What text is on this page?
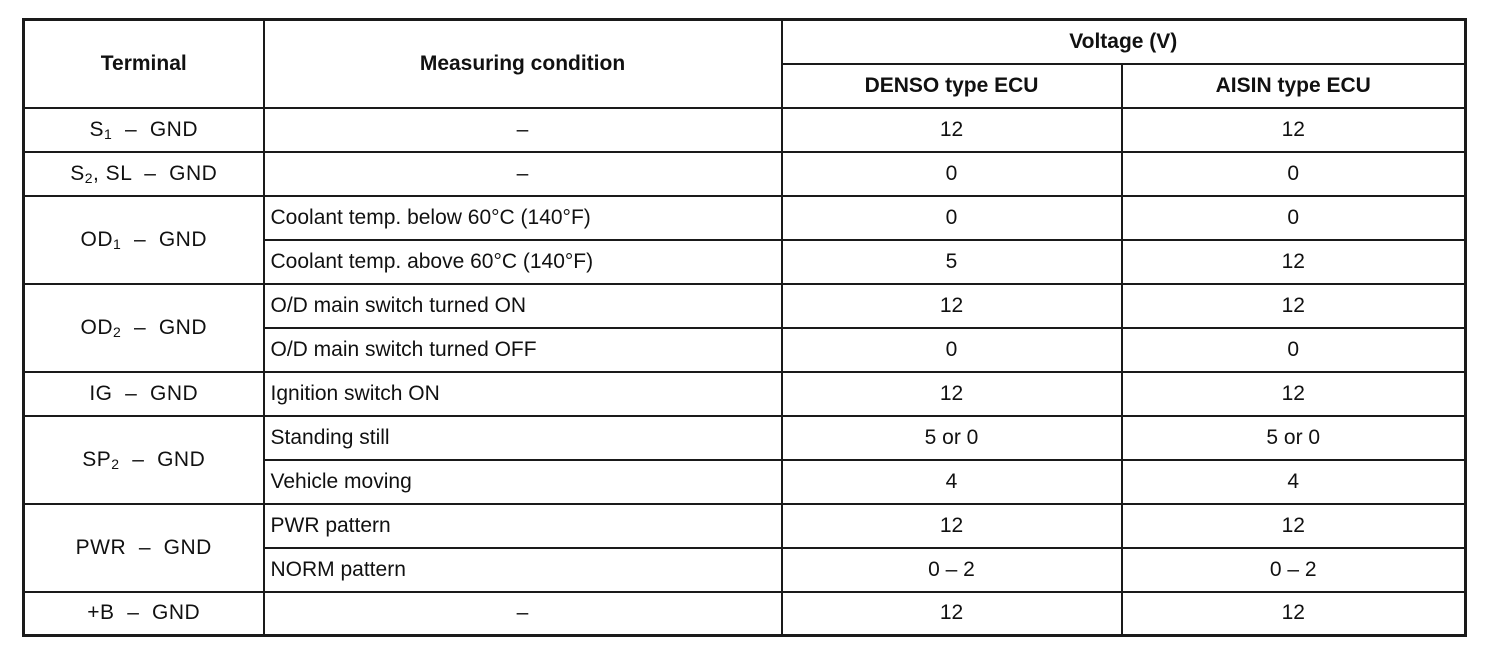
Terminal	Measuring condition	Voltage (V)	
		DENSO type ECU	AISIN type ECU
$S_1$  –  GND	–	12	12
$S_2$, SL  –  GND	–	0	0
$OD_1$  –  GND	Coolant temp. below 60°C (140°F)	0	0
	Coolant temp. above 60°C (140°F)	5	12
$OD_2$  –  GND	O/D main switch turned ON	12	12
	O/D main switch turned OFF	0	0
IG  –  GND	Ignition switch ON	12	12
$SP_2$  –  GND	Standing still	5 or 0	5 or 0
	Vehicle moving	4	4
PWR  –  GND	PWR pattern	12	12
	NORM pattern	0 – 2	0 – 2
+B  –  GND	–	12	12
